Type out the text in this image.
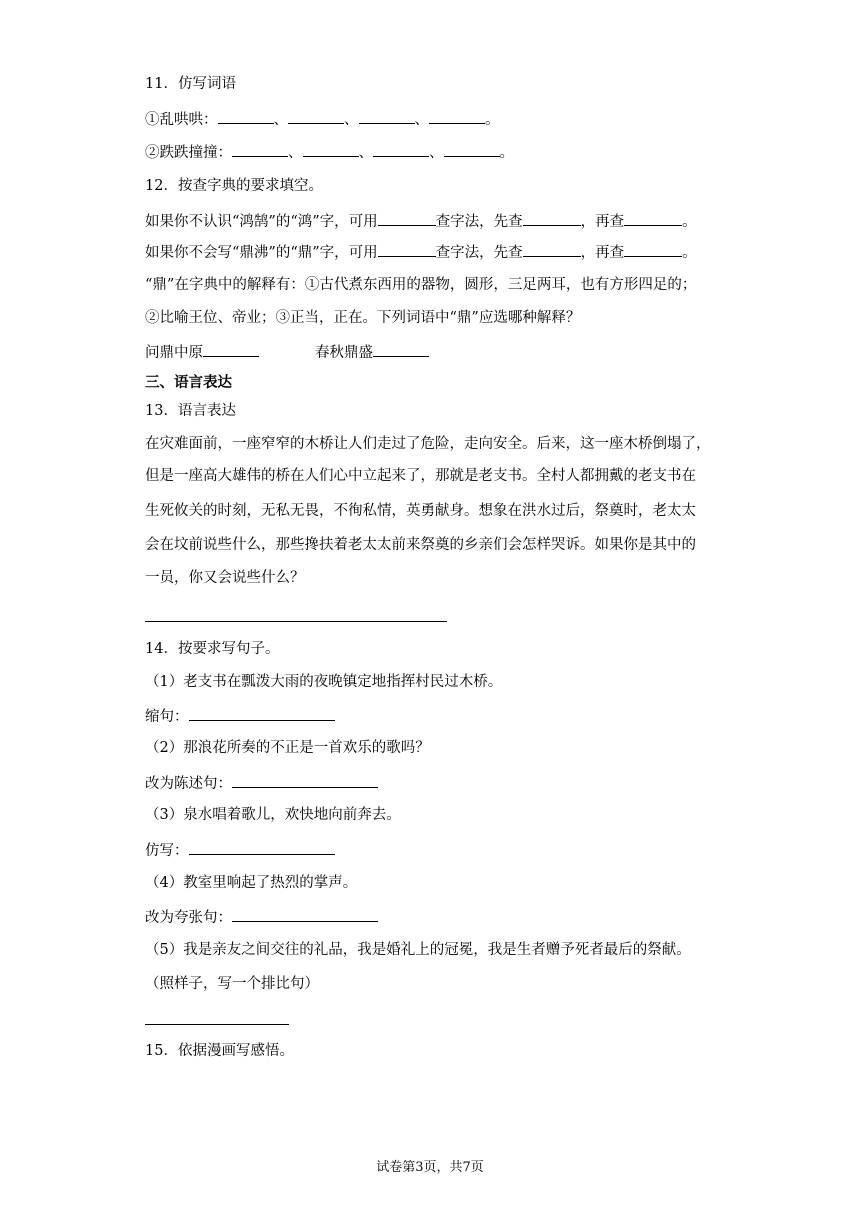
11．仿写词语
①乱哄哄：	、	、	、	。
②跌跌撞撞：	、	、	、	。
12．按查字典的要求填空。
如果你不认识“鸿鹄”的“鸿”字，可用	查字法，先查	，再查	。
如果你不会写“鼎沸”的“鼎”字，可用	查字法，先查	，再查	。
“鼎”在字典中的解释有：①古代煮东西用的器物，圆形，三足两耳，也有方形四足的；
②比喻王位、帝业；③正当，正在。下列词语中“鼎”应选哪种解释？
问鼎中原	春秋鼎盛
三、语言表达
13．语言表达
在灾难面前，一座窄窄的木桥让人们走过了危险，走向安全。后来，这一座木桥倒塌了，
但是一座高大雄伟的桥在人们心中立起来了，那就是老支书。全村人都拥戴的老支书在
生死攸关的时刻，无私无畏，不徇私情，英勇献身。想象在洪水过后，祭奠时，老太太
会在坟前说些什么，那些搀扶着老太太前来祭奠的乡亲们会怎样哭诉。如果你是其中的
一员，你又会说些什么？
14．按要求写句子。
（1）老支书在瓢泼大雨的夜晚镇定地指挥村民过木桥。
缩句：
（2）那浪花所奏的不正是一首欢乐的歌吗？
改为陈述句：
（3）泉水唱着歌儿，欢快地向前奔去。
仿写：
（4）教室里响起了热烈的掌声。
改为夸张句：
（5）我是亲友之间交往的礼品，我是婚礼上的冠冕，我是生者赠予死者最后的祭献。
（照样子，写一个排比句）
15．依据漫画写感悟。
试卷第3页，共7页
